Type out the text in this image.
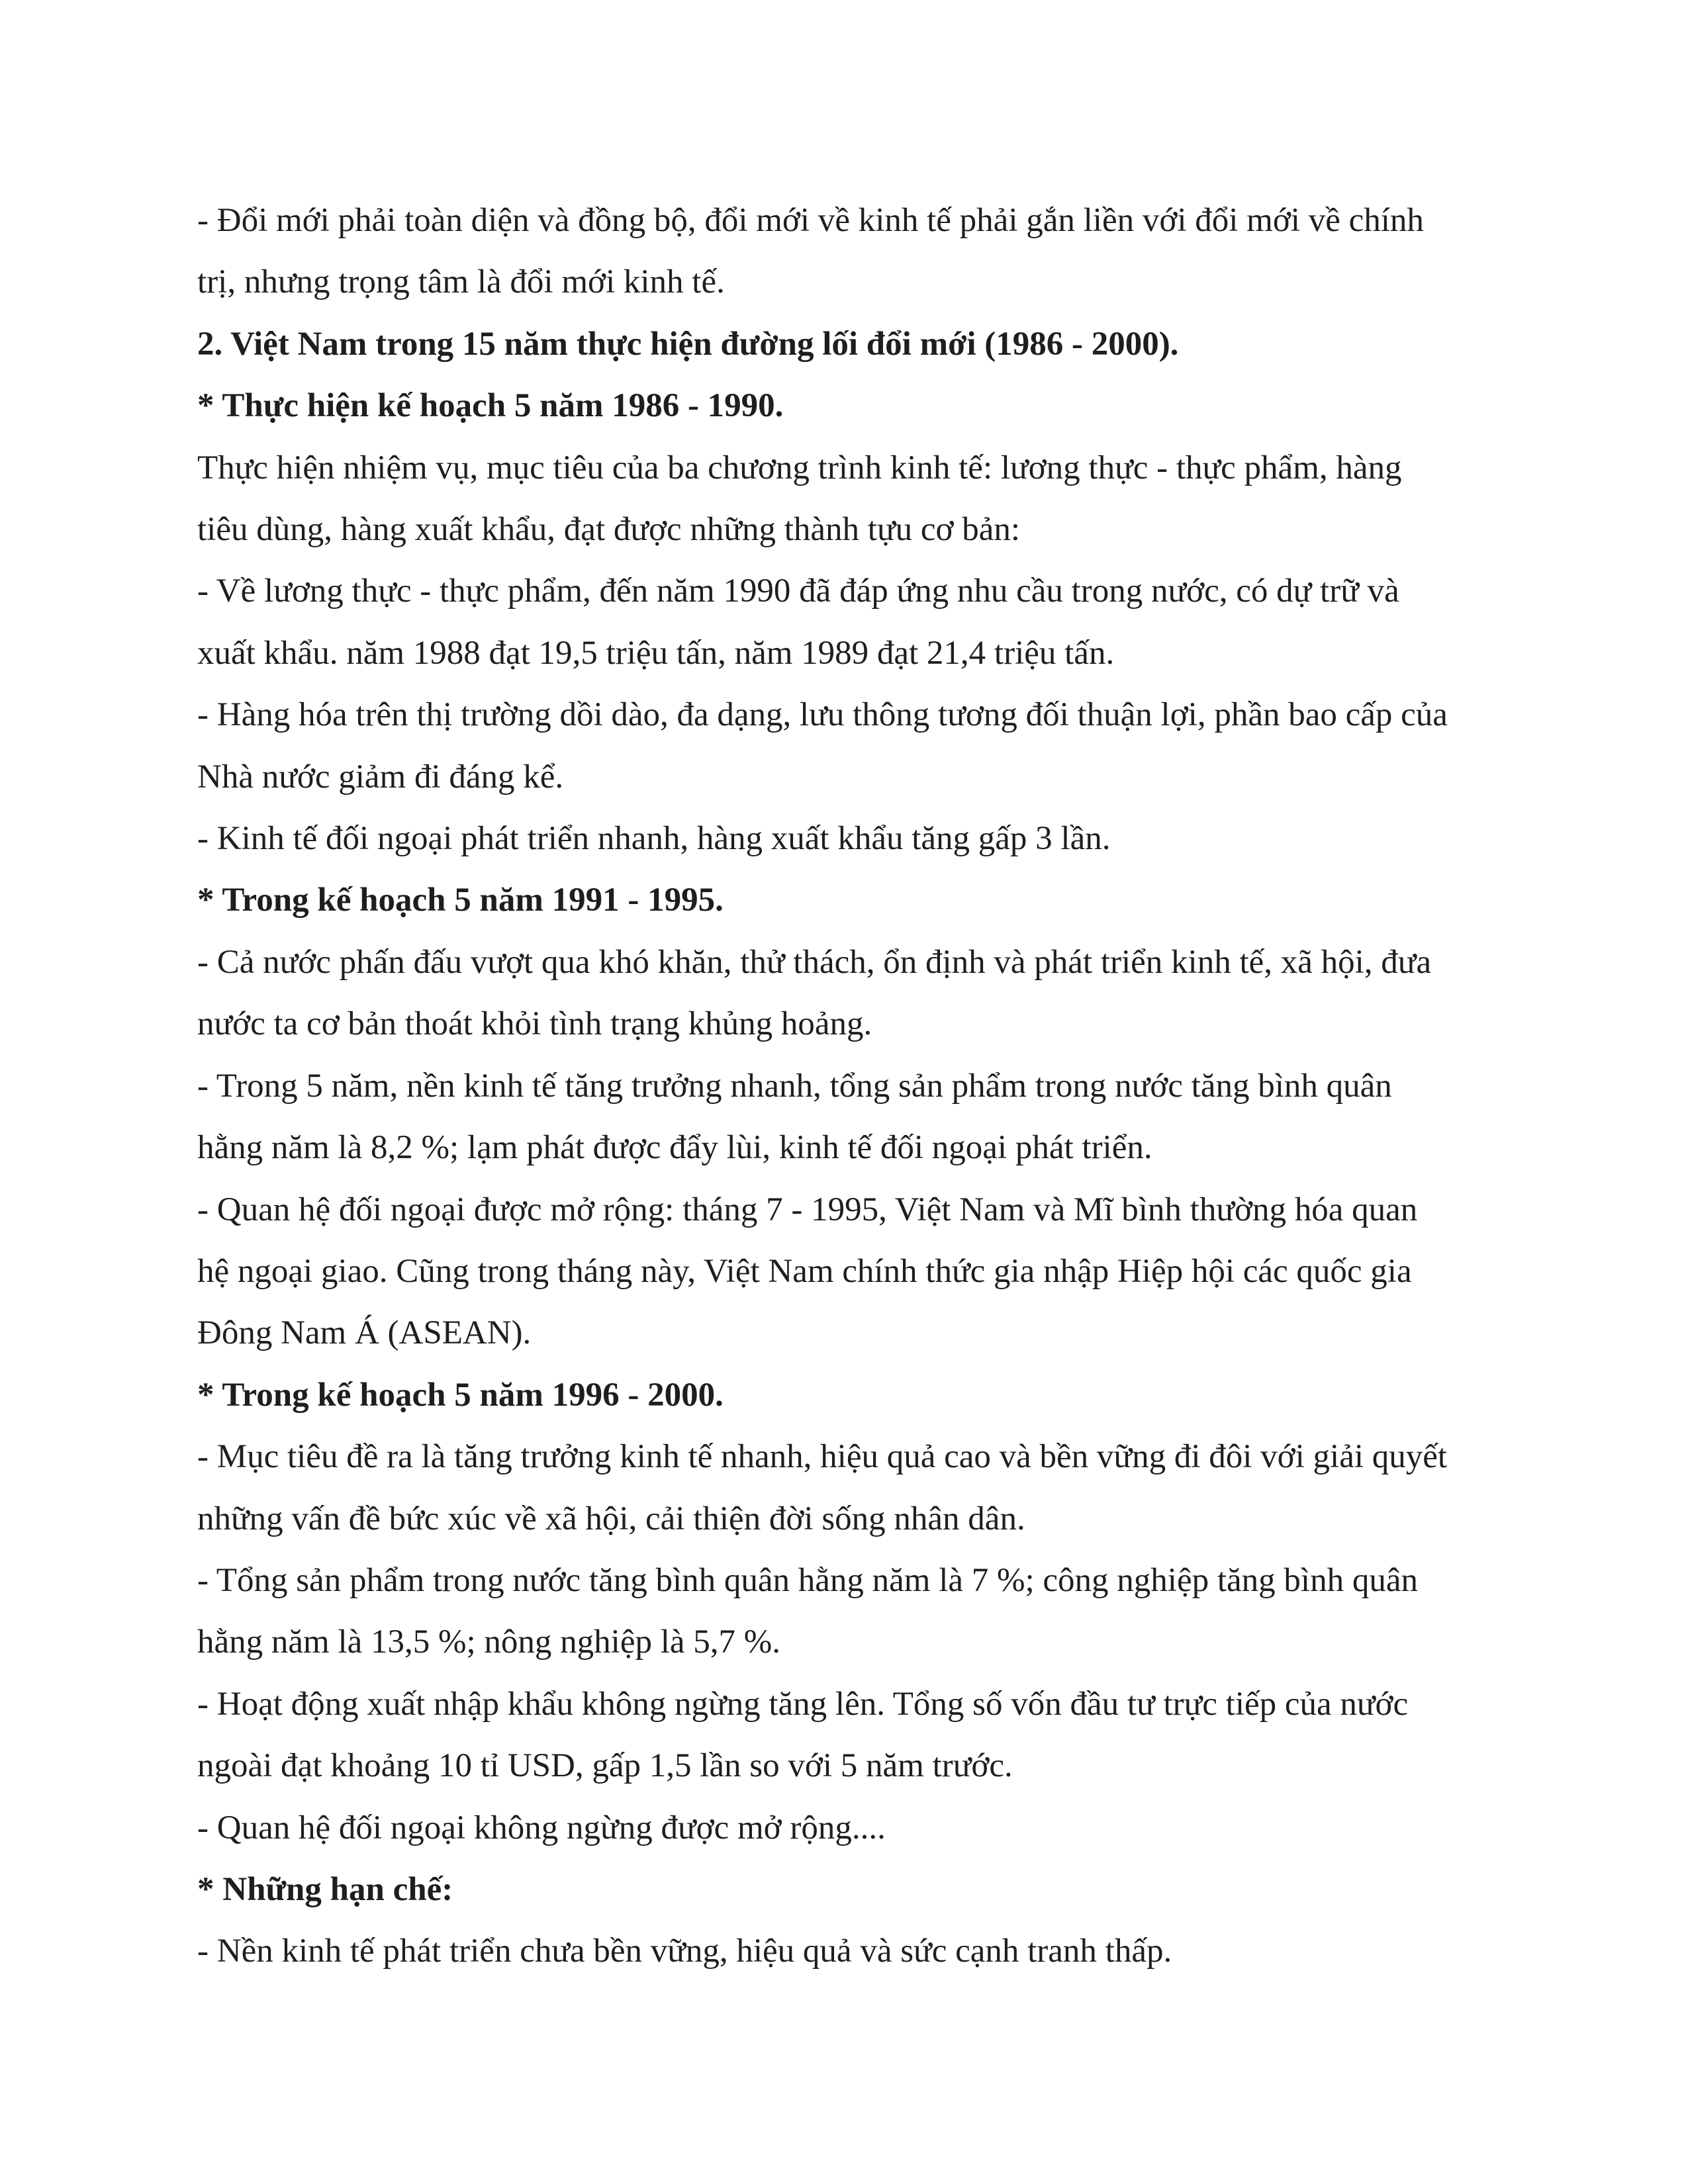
- Đổi mới phải toàn diện và đồng bộ, đổi mới về kinh tế phải gắn liền với đổi mới về chính
trị, nhưng trọng tâm là đổi mới kinh tế.
2. Việt Nam trong 15 năm thực hiện đường lối đổi mới (1986 - 2000).
* Thực hiện kế hoạch 5 năm 1986 - 1990.
Thực hiện nhiệm vụ, mục tiêu của ba chương trình kinh tế: lương thực - thực phẩm, hàng
tiêu dùng, hàng xuất khẩu, đạt được những thành tựu cơ bản:
- Về lương thực - thực phẩm, đến năm 1990 đã đáp ứng nhu cầu trong nước, có dự trữ và
xuất khẩu. năm 1988 đạt 19,5 triệu tấn, năm 1989 đạt 21,4 triệu tấn.
- Hàng hóa trên thị trường dồi dào, đa dạng, lưu thông tương đối thuận lợi, phần bao cấp của
Nhà nước giảm đi đáng kể.
- Kinh tế đối ngoại phát triển nhanh, hàng xuất khẩu tăng gấp 3 lần.
* Trong kế hoạch 5 năm 1991 - 1995.
- Cả nước phấn đấu vượt qua khó khăn, thử thách, ổn định và phát triển kinh tế, xã hội, đưa
nước ta cơ bản thoát khỏi tình trạng khủng hoảng.
- Trong 5 năm, nền kinh tế tăng trưởng nhanh, tổng sản phẩm trong nước tăng bình quân
hằng năm là 8,2 %; lạm phát được đẩy lùi, kinh tế đối ngoại phát triển.
- Quan hệ đối ngoại được mở rộng: tháng 7 - 1995, Việt Nam và Mĩ bình thường hóa quan
hệ ngoại giao. Cũng trong tháng này, Việt Nam chính thức gia nhập Hiệp hội các quốc gia
Đông Nam Á (ASEAN).
* Trong kế hoạch 5 năm 1996 - 2000.
- Mục tiêu đề ra là tăng trưởng kinh tế nhanh, hiệu quả cao và bền vững đi đôi với giải quyết
những vấn đề bức xúc về xã hội, cải thiện đời sống nhân dân.
- Tổng sản phẩm trong nước tăng bình quân hằng năm là 7 %; công nghiệp tăng bình quân
hằng năm là 13,5 %; nông nghiệp là 5,7 %.
- Hoạt động xuất nhập khẩu không ngừng tăng lên. Tổng số vốn đầu tư trực tiếp của nước
ngoài đạt khoảng 10 tỉ USD, gấp 1,5 lần so với 5 năm trước.
- Quan hệ đối ngoại không ngừng được mở rộng....
* Những hạn chế:
- Nền kinh tế phát triển chưa bền vững, hiệu quả và sức cạnh tranh thấp.
